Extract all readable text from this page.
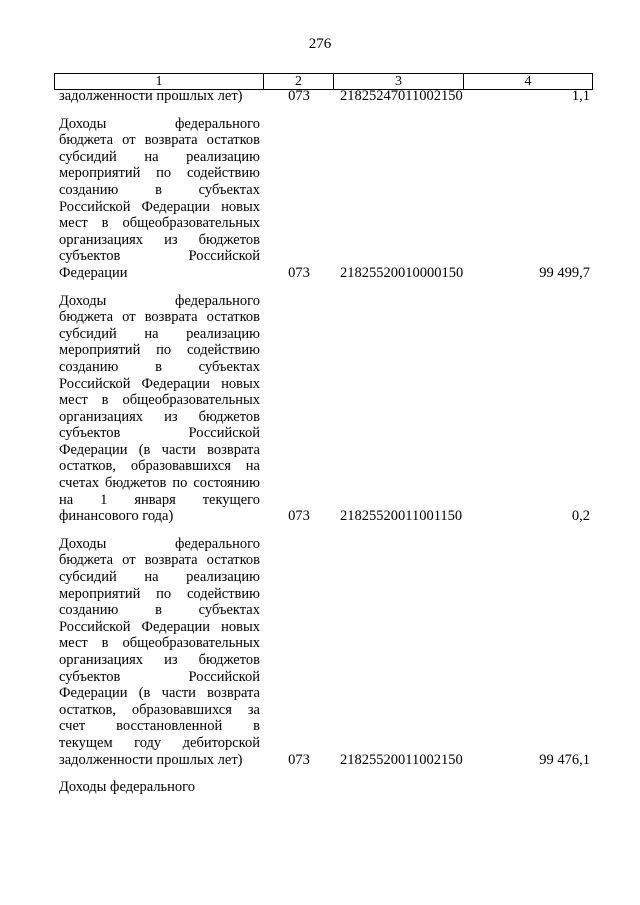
276
1	2	3	4
задолженности прошлых лет)	073 21825247011002150	1,1
Доходы федерального
бюджета от возврата остатков
субсидий на реализацию
мероприятий по содействию
созданию в субъектах
Российской Федерации новых
мест в общеобразовательных
организациях из бюджетов
субъектов Российской
Федерации	073 21825520010000150	99 499,7
Доходы федерального
бюджета от возврата остатков
субсидий на реализацию
мероприятий по содействию
созданию в субъектах
Российской Федерации новых
мест в общеобразовательных
организациях из бюджетов
субъектов Российской
Федерации (в части возврата
остатков, образовавшихся на
счетах бюджетов по состоянию
на 1 января текущего
финансового года)	073 21825520011001150	0,2
Доходы федерального
бюджета от возврата остатков
субсидий на реализацию
мероприятий по содействию
созданию в субъектах
Российской Федерации новых
мест в общеобразовательных
организациях из бюджетов
субъектов Российской
Федерации (в части возврата
остатков, образовавшихся за
счет восстановленной в
текущем году дебиторской
задолженности прошлых лет)	073 21825520011002150	99 476,1
Доходы федерального
